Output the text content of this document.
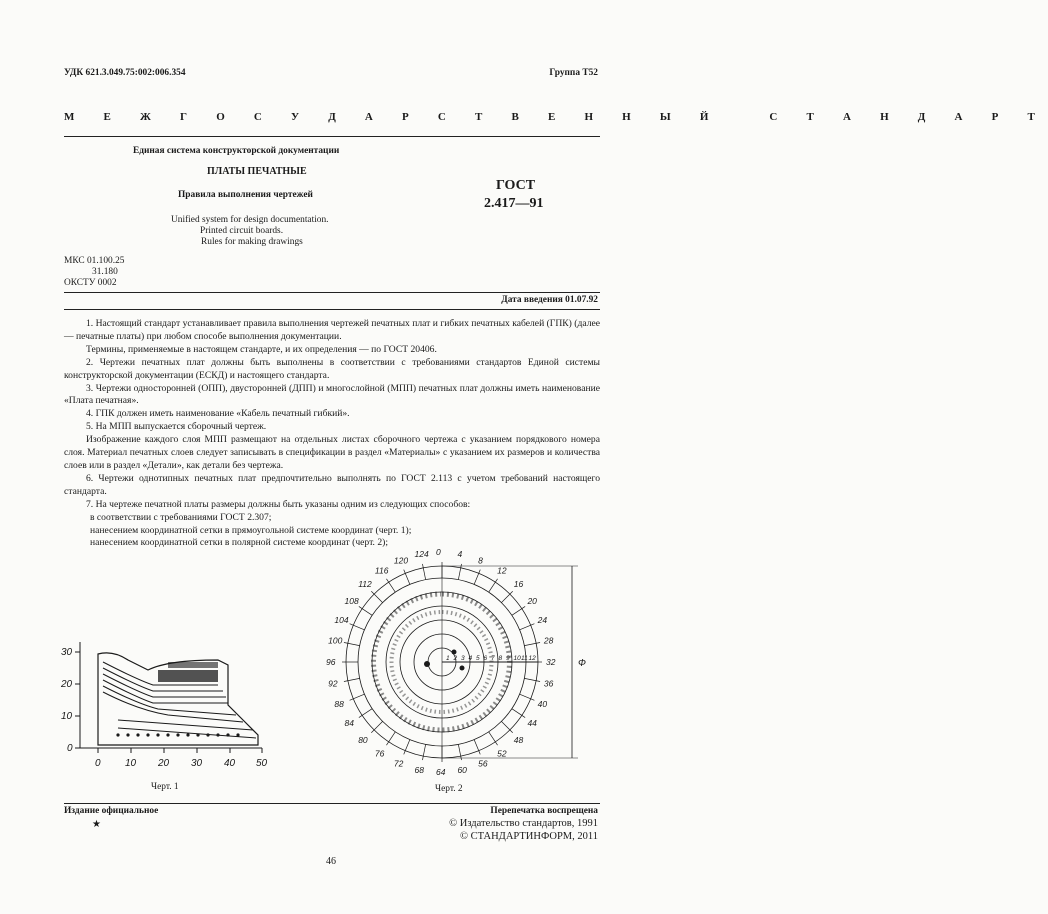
УДК 621.3.049.75:002:006.354	Группа Т52
М Е Ж Г О С У Д А Р С Т В Е Н Н Ы Й   С Т А Н Д А Р Т
Единая система конструкторской документации
ПЛАТЫ ПЕЧАТНЫЕ
Правила выполнения чертежей
Unified system for design documentation.
Printed circuit boards.
Rules for making drawings
ГОСТ
2.417—91
МКС 01.100.25
31.180
ОКСТУ 0002
Дата введения 01.07.92

1. Настоящий стандарт устанавливает правила выполнения чертежей печатных плат и гибких печатных кабелей (ГПК) (далее — печатные платы) при любом способе выполнения документации.

Термины, применяемые в настоящем стандарте, и их определения — по ГОСТ 20406.

2. Чертежи печатных плат должны быть выполнены в соответствии с требованиями стандартов Единой системы конструкторской документации (ЕСКД) и настоящего стандарта.

3. Чертежи односторонней (ОПП), двусторонней (ДПП) и многослойной (МПП) печатных плат должны иметь наименование «Плата печатная».

4. ГПК должен иметь наименование «Кабель печатный гибкий».

5. На МПП выпускается сборочный чертеж.

Изображение каждого слоя МПП размещают на отдельных листах сборочного чертежа с указанием порядкового номера слоя. Материал печатных слоев следует записывать в спецификации в раздел «Материалы» с указанием их размеров и количества слоев или в раздел «Детали», как детали без чертежа.

6. Чертежи однотипных печатных плат предпочтительно выполнять по ГОСТ 2.113 с учетом требований настоящего стандарта.

7. На чертеже печатной платы размеры должны быть указаны одним из следующих способов:

в соответствии с требованиями ГОСТ 2.307;

нанесением координатной сетки в прямоугольной системе координат (черт. 1);

нанесением координатной сетки в полярной системе координат (черт. 2);

30
20
10
0
0 10 20 30 40 50
Черт. 1
120
124 0 4
8
116
112
12
108
16
104
20
100
24
28
96	32
92	36
88	40
84	44
80	48
76	52
72
68 64 60
56
1 2 3 4 5 6 7 8 9 10 11 12	Ф
Черт. 2
Издание официальное
★
Перепечатка воспрещена
© Издательство стандартов, 1991
© СТАНДАРТИНФОРМ, 2011
46
